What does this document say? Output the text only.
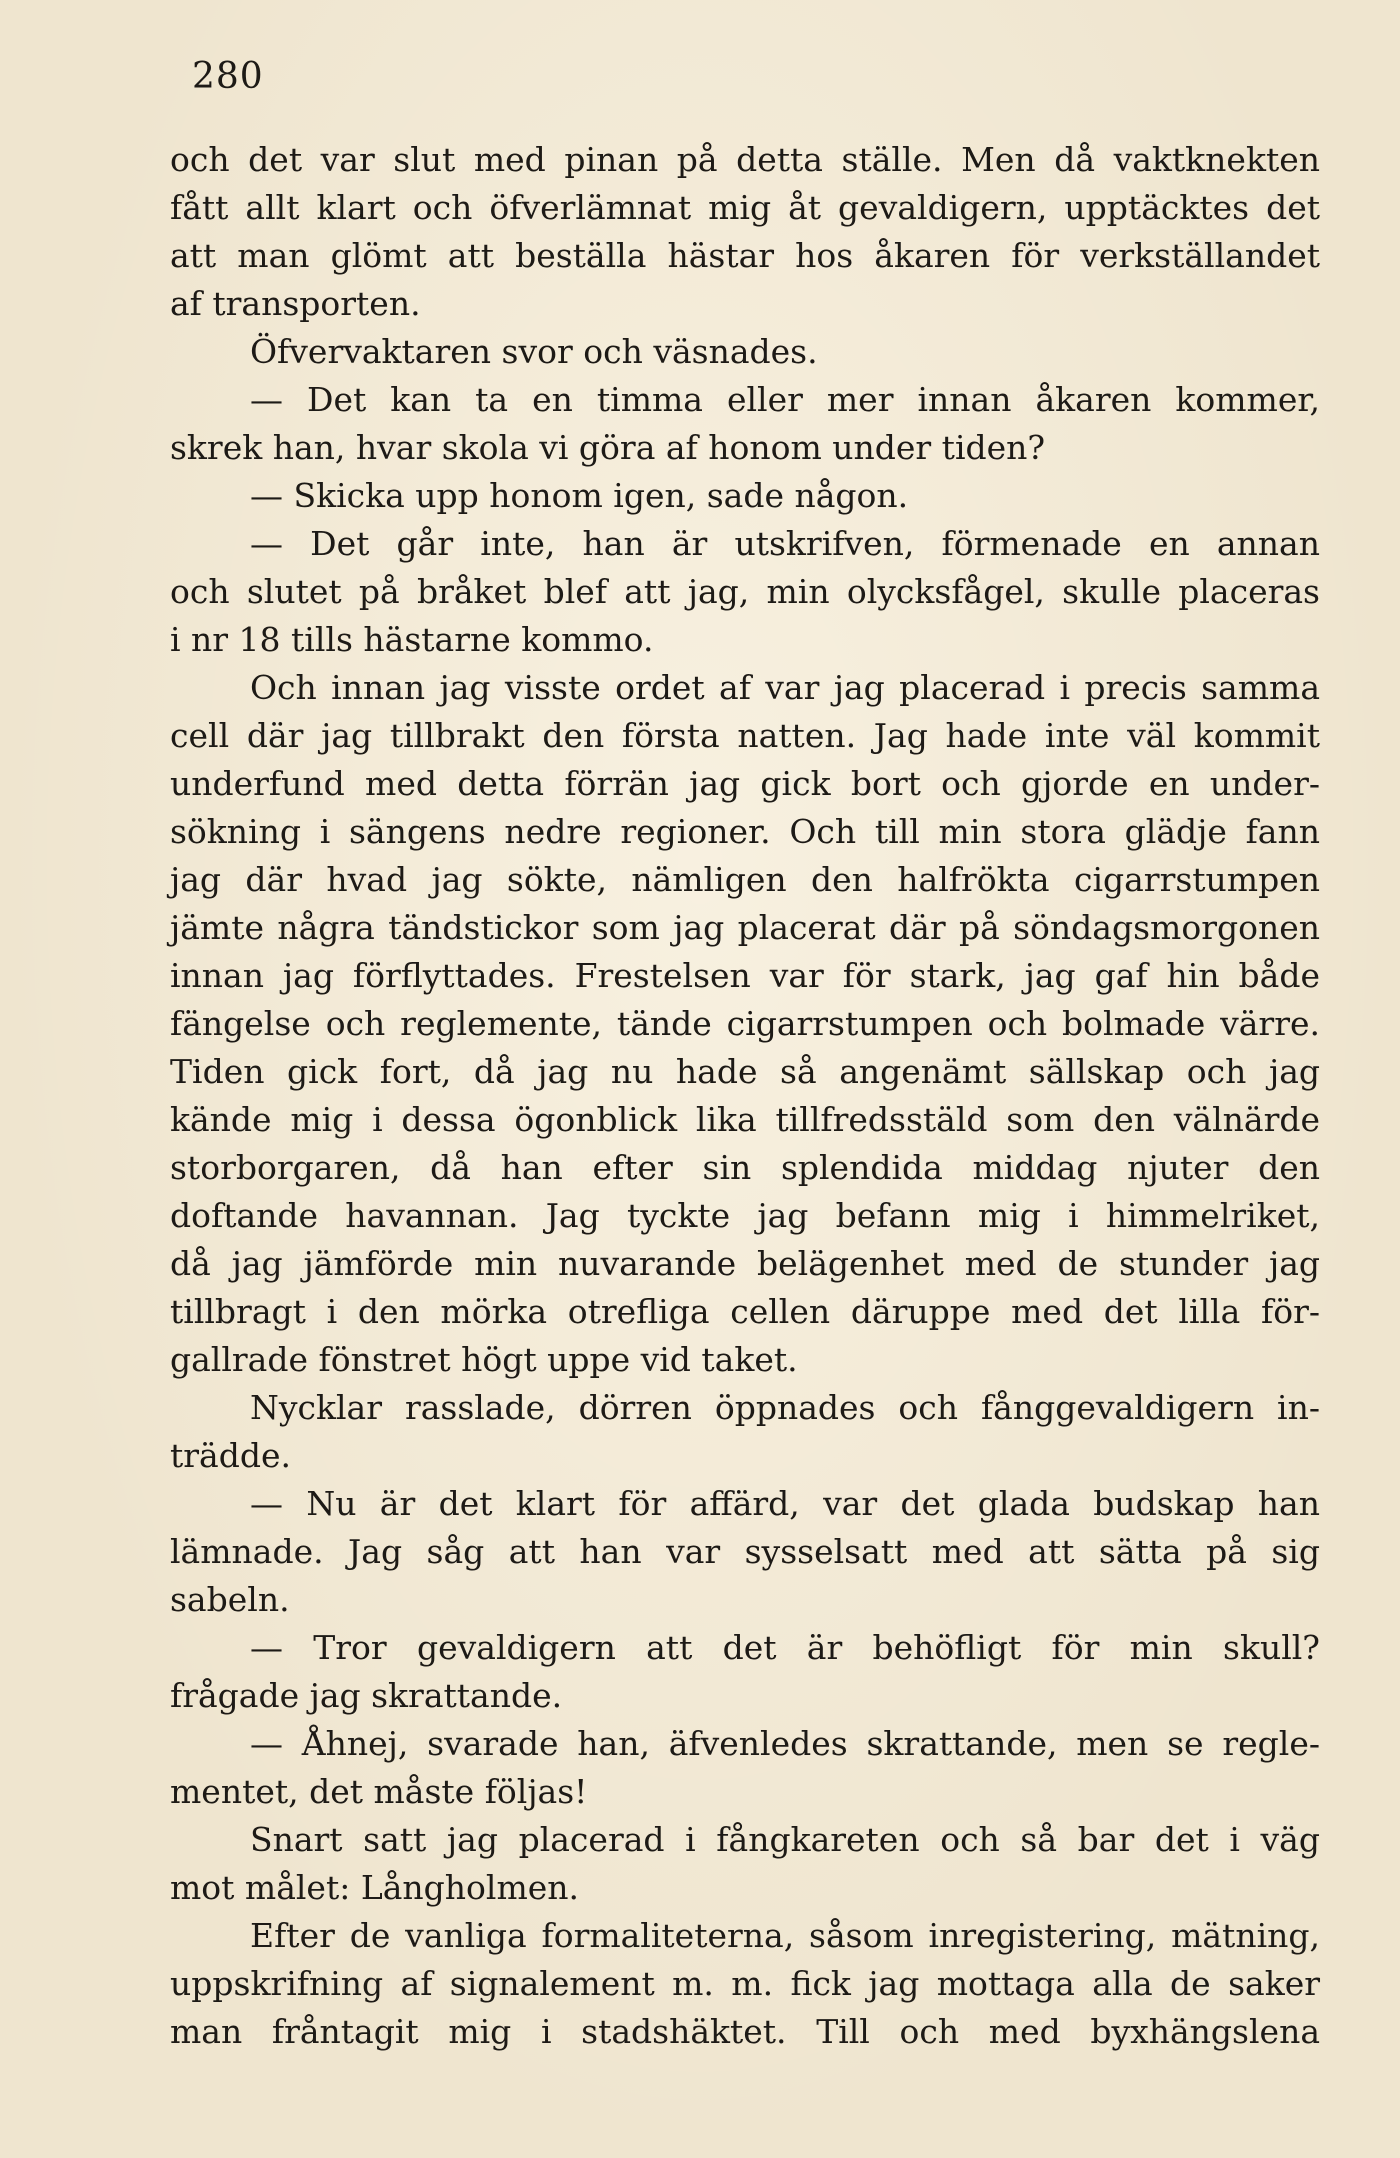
280

och det var slut med pinan på detta ställe. Men då vaktknekten
fått allt klart och öfverlämnat mig åt gevaldigern, upptäcktes det
att man glömt att beställa hästar hos åkaren för verkställandet
af transporten.
Öfvervaktaren svor och väsnades.
— Det kan ta en timma eller mer innan åkaren kommer,
skrek han, hvar skola vi göra af honom under tiden?
— Skicka upp honom igen, sade någon.
— Det går inte, han är utskrifven, förmenade en annan
och slutet på bråket blef att jag, min olycksfågel, skulle placeras
i nr 18 tills hästarne kommo.
Och innan jag visste ordet af var jag placerad i precis samma
cell där jag tillbrakt den första natten. Jag hade inte väl kommit
underfund med detta förrän jag gick bort och gjorde en under-
sökning i sängens nedre regioner. Och till min stora glädje fann
jag där hvad jag sökte, nämligen den halfrökta cigarrstumpen
jämte några tändstickor som jag placerat där på söndagsmorgonen
innan jag förflyttades. Frestelsen var för stark, jag gaf hin både
fängelse och reglemente, tände cigarrstumpen och bolmade värre.
Tiden gick fort, då jag nu hade så angenämt sällskap och jag
kände mig i dessa ögonblick lika tillfredsstäld som den välnärde
storborgaren, då han efter sin splendida middag njuter den
doftande havannan. Jag tyckte jag befann mig i himmelriket,
då jag jämförde min nuvarande belägenhet med de stunder jag
tillbragt i den mörka otrefliga cellen däruppe med det lilla för-
gallrade fönstret högt uppe vid taket.
Nycklar rasslade, dörren öppnades och fånggevaldigern in-
trädde.
— Nu är det klart för affärd, var det glada budskap han
lämnade. Jag såg att han var sysselsatt med att sätta på sig
sabeln.
— Tror gevaldigern att det är behöfligt för min skull?
frågade jag skrattande.
— Åhnej, svarade han, äfvenledes skrattande, men se regle-
mentet, det måste följas!
Snart satt jag placerad i fångkareten och så bar det i väg
mot målet: Långholmen.
Efter de vanliga formaliteterna, såsom inregistering, mätning,
uppskrifning af signalement m. m. fick jag mottaga alla de saker
man fråntagit mig i stadshäktet. Till och med byxhängslena
